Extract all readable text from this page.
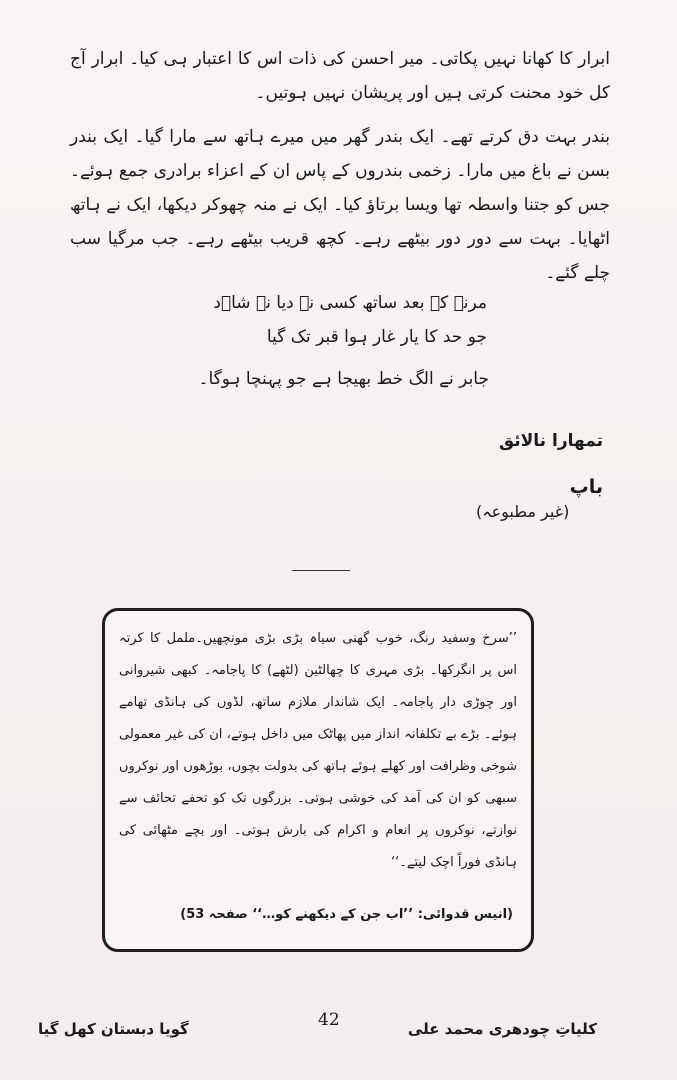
ابرار کا کھانا نہیں پکاتی۔ میر احسن کی ذات اس کا اعتبار ہی کیا۔ ابرار آج کل خود محنت کرتی ہیں اور پریشان نہیں ہوتیں۔

بندر بہت دق کرتے تھے۔ ایک بندر گھر میں میرے ہاتھ سے مارا گیا۔ ایک بندر بسن نے باغ میں مارا۔ زخمی بندروں کے پاس ان کے اعزاء برادری جمع ہوئے۔ جس کو جتنا واسطہ تھا ویسا برتاؤ کیا۔ ایک نے منہ چھوکر دیکھا، ایک نے ہاتھ اٹھایا۔ بہت سے دور دور بیٹھے رہے۔ کچھ قریب بیٹھے رہے۔ جب مرگیا سب چلے گئے۔

مرنے کے بعد ساتھ کسی نے دیا نہ شاؔد

جو حد کا یار غار ہوا قبر تک گیا

جابر نے الگ خط بھیجا ہے جو پہنچا ہوگا۔

تمھارا نالائق

باپ

(غیر مطبوعہ)

’’سرخ وسفید رنگ، خوب گھنی سیاہ بڑی بڑی مونچھیں۔ململ کا کرتہ اس پر انگرکھا۔ بڑی مہری کا چھالٹین (لٹھے) کا پاجامہ۔ کبھی شیروانی اور چوڑی دار پاجامہ۔ ایک شاندار ملازم ساتھ، لڈوں کی ہانڈی تھامے ہوئے۔ بڑے بے تکلفانہ انداز میں پھاٹک میں داخل ہوتے، ان کی غیر معمولی شوخی وظرافت اور کھلے ہوئے ہاتھ کی بدولت بچوں، بوڑھوں اور نوکروں سبھی کو ان کی آمد کی خوشی ہوتی۔ بزرگوں تک کو تحفے تحائف سے نوازتے، نوکروں پر انعام و اکرام کی بارش ہوتی۔ اور بچے مٹھائی کی ہانڈی فوراً اچک لیتے۔‘‘

(انیس قدوائی: ’’اب جن کے دیکھنے کو…‘‘ صفحہ 53)

کلیاتِ چودھری محمد علی
42
گویا دبستان کھل گیا
